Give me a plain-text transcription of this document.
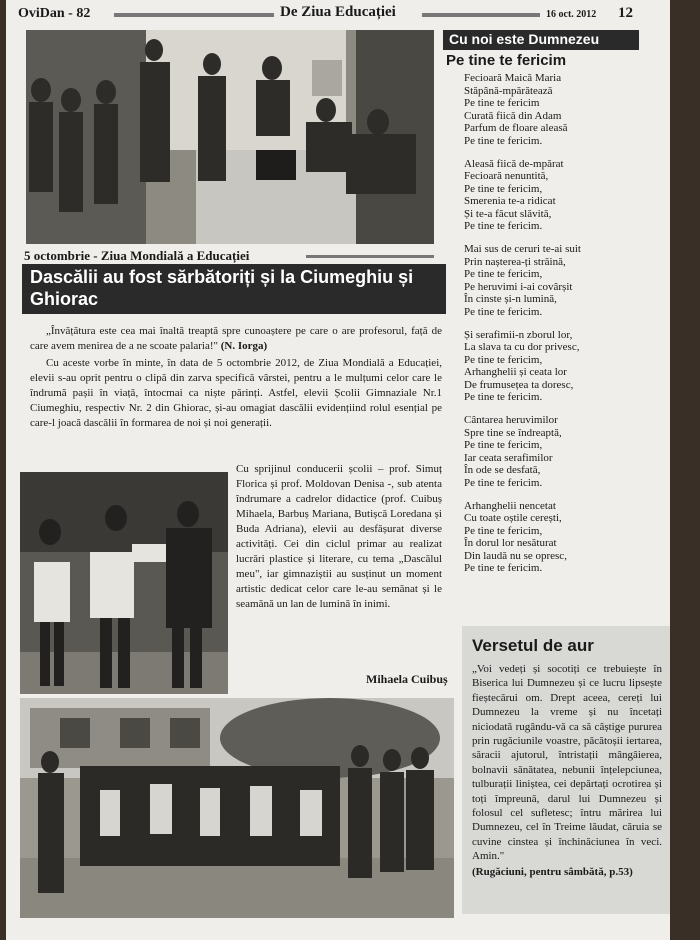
OviDan - 82	De Ziua Educației	16 oct. 2012 12
5 octombrie - Ziua Mondială a Educației
Dascălii au fost sărbătoriți și la Ciumeghiu și Ghiorac

„Învățătura este cea mai înaltă treaptă spre cunoaștere pe care o are profesorul, față de care avem menirea de a ne scoate palaria!" (N. Iorga)

Cu aceste vorbe în minte, în data de 5 octombrie 2012, de Ziua Mondială a Educației, elevii s-au oprit pentru o clipă din zarva specifică vârstei, pentru a le mulțumi celor care le îndrumă pașii în viață, întocmai ca niște părinți. Astfel, elevii Școlii Gimnaziale Nr.1 Ciumeghiu, respectiv Nr. 2 din Ghiorac, și-au omagiat dascălii evidențiind rolul esențial pe care-l joacă dascălii în formarea de noi și noi generații.

Cu sprijinul conducerii școlii – prof. Simuț Florica și prof. Moldovan Denisa -, sub atenta îndrumare a cadrelor didactice (prof. Cuibuș Mihaela, Barbuș Mariana, Butișcă Loredana și Buda Adriana), elevii au desfășurat diverse activități. Cei din ciclul primar au realizat lucrări plastice și literare, cu tema „Dascălul meu", iar gimnaziștii au susținut un moment artistic dedicat celor care le-au semănat și le seamănă un lan de lumină în inimi.

Mihaela Cuibuș
Cu noi este Dumnezeu
Pe tine te fericim
Fecioară Maică Maria
Stăpână-mpărătează
Pe tine te fericim
Curată fiică din Adam
Parfum de floare aleasă
Pe tine te fericim.
Aleasă fiică de-mpărat
Fecioară nenuntită,
Pe tine te fericim,
Smerenia te-a ridicat
Și te-a făcut slăvită,
Pe tine te fericim.
Mai sus de ceruri te-ai suit
Prin nașterea-ți străină,
Pe tine te fericim,
Pe heruvimi i-ai covârșit
În cinste și-n lumină,
Pe tine te fericim.
Și serafimii-n zborul lor,
La slava ta cu dor privesc,
Pe tine te fericim,
Arhanghelii și ceata lor
De frumusețea ta doresc,
Pe tine te fericim.
Cântarea heruvimilor
Spre tine se îndreaptă,
Pe tine te fericim,
Iar ceata serafimilor
În ode se desfată,
Pe tine te fericim.
Arhanghelii nencetat
Cu toate oștile cerești,
Pe tine te fericim,
În dorul lor nesăturat
Din laudă nu se opresc,
Pe tine te fericim.
Versetul de aur
„Voi vedeți și socotiți ce trebuiește în Biserica lui Dumnezeu și ce lucru lipsește fieștecărui om. Drept aceea, cereți lui Dumnezeu la vreme și nu încetați niciodată rugându-vă ca să câștige pururea prin rugăciunile voastre, păcătoșii iertarea, săracii ajutorul, întristații mângâierea, bolnavii sănătatea, nebunii înțelepciunea, tulburații liniștea, cei depărtați ocrotirea și toți împreună, darul lui Dumnezeu și folosul cel sufletesc; întru mărirea lui Dumnezeu, cel în Treime lăudat, căruia se cuvine cinstea și închinăciunea în veci. Amin."
(Rugăciuni, pentru sâmbătă, p.53)
